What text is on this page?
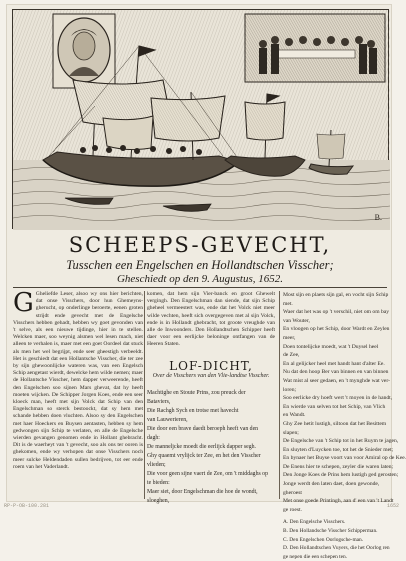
B.
SCHEEPS-GEVECHT,
Tusschen een Engelschen en Hollandtschen Visscher;
Gheschiedt op den 9. Augustus, 1652.
G Gheliefde Leser, alsoo wy ons hier berichten, dat onse Visschers, door hun Ghemeyns-gherucht, op onderlinge beroerte, eenen groten strijdt ende gevecht met de Engelsche Visschers hebben gehadt, hebben wy goet gevonden van 't selve, als een nieuwe tijdinge, hier in te stellen. Welcken maer, soo weynig alsmen wel lesen mach, niet alleen te verhalen is, maer met een goet Oordeel dat stuck als men het wel begrijpt, ende seer gheestigh verbeeldt. Het is geschiedt dat een Hollantsche Visscher, die ter zee by sijn ghewoonlijcke wateren was, van een Engelsch Schip aengetast wierdt, dewelcke hem wilde nemen; maer de Hollantsche Visscher, hem dapper verweerende, heeft den Engelschen soo sijnen Mars ghevat, dat hy heeft moeten wijcken. De Schipper Jorgen Koes, ende een seer kloeck man, heeft met sijn Volck dat Schip van den Engelschman so sterck bestoockt, dat sy hem met schande hebben doen vluchten. Alsoo sy den Engelschen met haer Hoeckers en Buysen aentasten, hebben sy hem gedwongen sijn Schip te verlaten, en alle de Engelsche wierden gevangen genomen ende in Hollant ghebracht. Dit is de waerheyt van 't gevecht, soo als ons ter ooren is ghekomen, ende wy verhopen dat onse Visschers noch meer sulcke Heldendaden sullen bedrijven, tot eer ende roem van het Vaderlandt.
komen, dat hem sijn Vier-banck en groot Ghewelt vergingh. Den Engelschman dan siende, dat sijn Schip gheheel vermeestert was, ende dat het Volck niet meer wilde vechten, heeft sich overgegeven met al sijn Volck, ende is in Hollandt ghebracht, tot groote vreughde van alle de Inwoonders. Den Hollandtschen Schipper heeft daer voor een eerlijcke beloninge ontfangen van de Heeren Staten.
LOF-DICHT,
Over de Visschers van den Vlie-landtse Visscher.
Machtighe en Stoute Prins, zou preuck der
Bataviers,
Die Rachgh Sych en trotse met havecht
van Lauwerieren,
Die door een brave daedt beroeph heeft van den
dagh:
De manneljcke moedt die eerlijck dapper segh.
Ghy quaemt vrylijck ter Zee, en het den Visscher
vlieden;
Die voor geen sijne vaert de Zee, om 't middaghs op
te bieden:
Maer siet, door Engelschman die hoe de wondt,
sloeghen,
Most sijn en plaets sijn gal, en vocht sijn Schip
met.
Waer dat het was op 't verschil, niet om om bay
van Wouter,
En vloogen op het Schip, door Wardt en Zeylen
meer,
Doen tontelijcke moedt, wat 't Duysel heel
de Zee,
En al gelijcker heel met handt hant d'alter Ee.
Nu dat den hoop Ber van binnen en van binnen
Wat mist al seer gedaen, en 't mynghde wat ver-
loren;
Soo eerlicke dry hoeft wert 't moyen in de handt,
En wierde van selven tot het Schip, van Vlich
en Wandt.
Ghy Zee hetit lustigh, siltoon dat het Besittem
slapen;
De Engelsche van 't Schip tot in het Ruym te jagen,
En sluyten d'Luycken toe, tot het de Snieder met;
En bynaer het Buyse voort van voor Amiral op de Kee.
De Enens hier te schepen, zeyler die waren laten;
Den Jonge Koes de Prins hem lustigh ged gerosten;
Jonge werdt den laten daet, doen gewonde,
gheroest
Met onse goede Printingh, aan d' een van 't Landt
ge roest.
A. Den Engelsche Visschers.
B. Den Hollandsche Visscher Schipperman.
C. Den Engelschen Oorlogsche-man.
D. Den Hollandtschen Vuyers, die het Oorlog ren
ge nepen die een schepen ten.
RP-P-OB-100.281	1652
